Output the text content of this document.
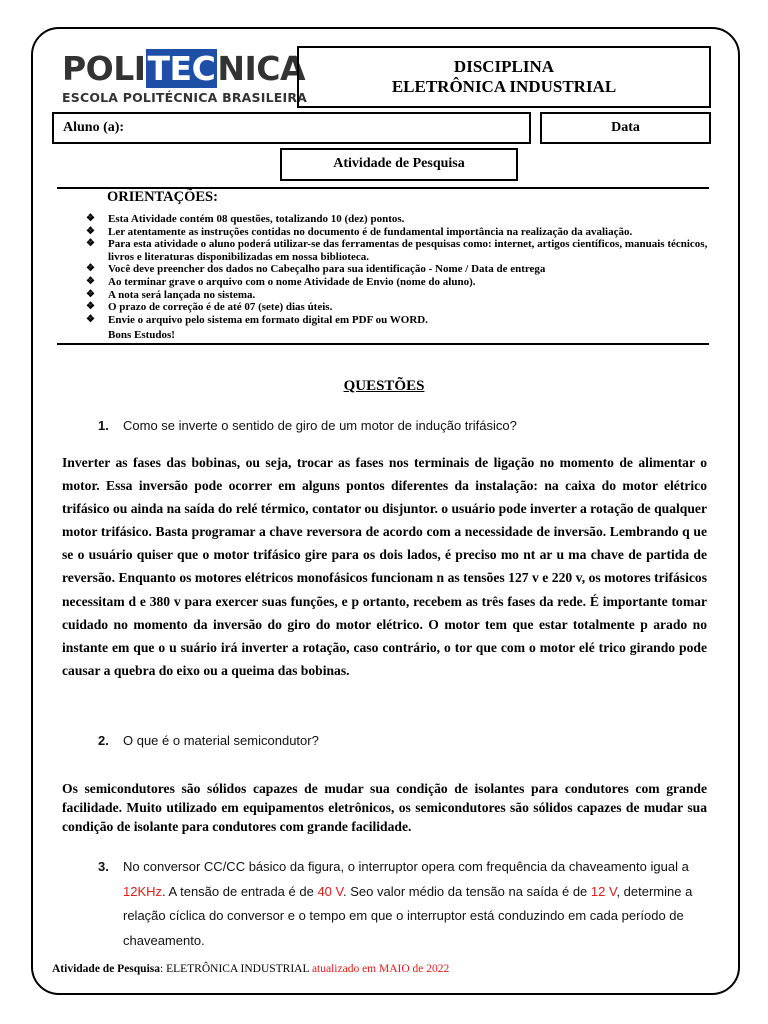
POLITECNICA
ESCOLA POLITÉCNICA BRASILEIRA
DISCIPLINA
ELETRÔNICA INDUSTRIAL
Aluno (a):	Data
Atividade de Pesquisa
ORIENTAÇÕES:
❖ Esta Atividade contém 08 questões, totalizando 10 (dez) pontos.
❖ Ler atentamente as instruções contidas no documento é de fundamental importância na realização da avaliação.
❖ Para esta atividade o aluno poderá utilizar-se das ferramentas de pesquisas como: internet, artigos científicos, manuais técnicos, livros e literaturas disponibilizadas em nossa biblioteca.
❖ Você deve preencher dos dados no Cabeçalho para sua identificação - Nome / Data de entrega
❖ Ao terminar grave o arquivo com o nome Atividade de Envio (nome do aluno).
❖ A nota será lançada no sistema.
❖ O prazo de correção é de até 07 (sete) dias úteis.
❖ Envie o arquivo pelo sistema em formato digital em PDF ou WORD.
Bons Estudos!
QUESTÕES
1. Como se inverte o sentido de giro de um motor de indução trifásico?

Inverter as fases das bobinas, ou seja, trocar as fases nos terminais de ligação no momento de alimentar o motor. Essa inversão pode ocorrer em alguns pontos diferentes da instalação: na caixa do motor elétrico trifásico ou ainda na saída do relé térmico, contator ou disjuntor. o usuário pode inverter a rotação de qualquer motor trifásico. Basta programar a chave reversora de acordo com a necessidade de inversão. Lembrando q ue se o usuário quiser que o motor trifásico gire para os dois lados, é preciso mo nt ar u ma chave de partida de reversão. Enquanto os motores elétricos monofásicos funcionam n as tensões 127 v e 220 v, os motores trifásicos necessitam d e 380 v para exercer suas funções, e p ortanto, recebem as três fases da rede. É importante tomar cuidado no momento da inversão do giro do motor elétrico. O motor tem que estar totalmente p arado no instante em que o u suário irá inverter a rotação, caso contrário, o tor que com o motor elé trico girando pode causar a quebra do eixo ou a queima das bobinas.

2. O que é o material semicondutor?

Os semicondutores são sólidos capazes de mudar sua condição de isolantes para condutores com grande facilidade. Muito utilizado em equipamentos eletrônicos, os semicondutores são sólidos capazes de mudar sua condição de isolante para condutores com grande facilidade.

3.	No conversor CC/CC básico da figura, o interruptor opera com frequência da chaveamento igual a 12KHz. A tensão de entrada é de 40 V. Seo valor médio da tensão na saída é de 12 V, determine a relação cíclica do conversor e o tempo em que o interruptor está conduzindo em cada período de chaveamento.
Atividade de Pesquisa: ELETRÔNICA INDUSTRIAL atualizado em MAIO de 2022
